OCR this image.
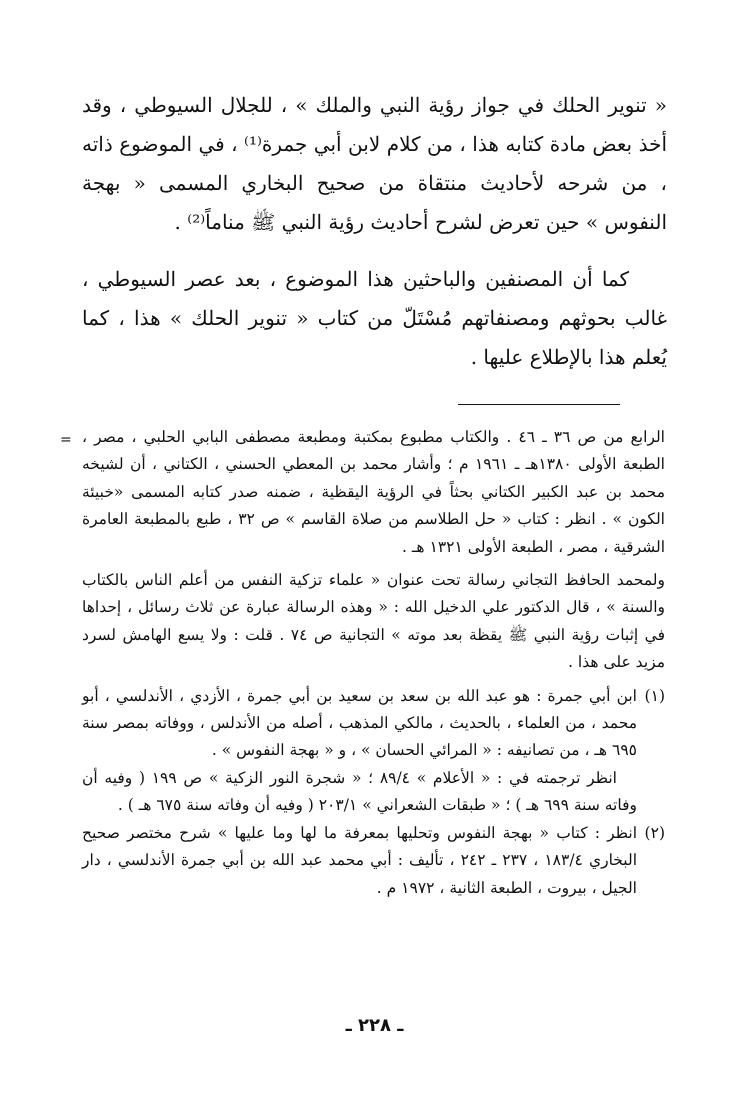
« تنوير الحلك في جواز رؤية النبي والملك » ، للجلال السيوطي ، وقد أخذ بعض مادة كتابه هذا ، من كلام لابن أبي جمرة⁽¹⁾ ، في الموضوع ذاته ، من شرحه لأحاديث منتقاة من صحيح البخاري المسمى « بهجة النفوس » حين تعرض لشرح أحاديث رؤية النبي ﷺ مناماً⁽²⁾ .

كما أن المصنفين والباحثين هذا الموضوع ، بعد عصر السيوطي ، غالب بحوثهم ومصنفاتهم مُسْتَلّ من كتاب « تنوير الحلك » هذا ، كما يُعلم هذا بالإطلاع عليها .

= الرابع من ص ٣٦ ـ ٤٦ . والكتاب مطبوع بمكتبة ومطبعة مصطفى البابي الحلبي ، مصر ، الطبعة الأولى ١٣٨٠هـ ـ ١٩٦١ م ؛ وأشار محمد بن المعطي الحسني ، الكتاني ، أن لشيخه محمد بن عبد الكبير الكتاني بحثاً في الرؤية اليقظية ، ضمنه صدر كتابه المسمى «خبيئة الكون » . انظر : كتاب « حل الطلاسم من صلاة القاسم » ص ٣٢ ، طبع بالمطبعة العامرة الشرقية ، مصر ، الطبعة الأولى ١٣٢١ هـ .

ولمحمد الحافظ التجاني رسالة تحت عنوان « علماء تزكية النفس من أعلم الناس بالكتاب والسنة » ، قال الدكتور علي الدخيل الله : « وهذه الرسالة عبارة عن ثلاث رسائل ، إحداها في إثبات رؤية النبي ﷺ يقظة بعد موته » التجانية ص ٧٤ . قلت : ولا يسع الهامش لسرد مزيد على هذا .

(١)

ابن أبي جمرة : هو عبد الله بن سعد بن سعيد بن أبي جمرة ، الأزدي ، الأندلسي ، أبو محمد ، من العلماء ، بالحديث ، مالكي المذهب ، أصله من الأندلس ، ووفاته بمصر سنة ٦٩٥ هـ ، من تصانيفه : « المرائي الحسان » ، و « بهجة النفوس » .

انظر ترجمته في : « الأعلام » ٨٩/٤ ؛ « شجرة النور الزكية » ص ١٩٩ ( وفيه أن وفاته سنة ٦٩٩ هـ ) ؛ « طبقات الشعراني » ٢٠٣/١ ( وفيه أن وفاته سنة ٦٧٥ هـ ) .

(٢)

انظر : كتاب « بهجة النفوس وتحليها بمعرفة ما لها وما عليها » شرح مختصر صحيح البخاري ١٨٣/٤ ، ٢٣٧ ـ ٢٤٢ ، تأليف : أبي محمد عبد الله بن أبي جمرة الأندلسي ، دار الجيل ، بيروت ، الطبعة الثانية ، ١٩٧٢ م .

ـ ٢٢٨ ـ
